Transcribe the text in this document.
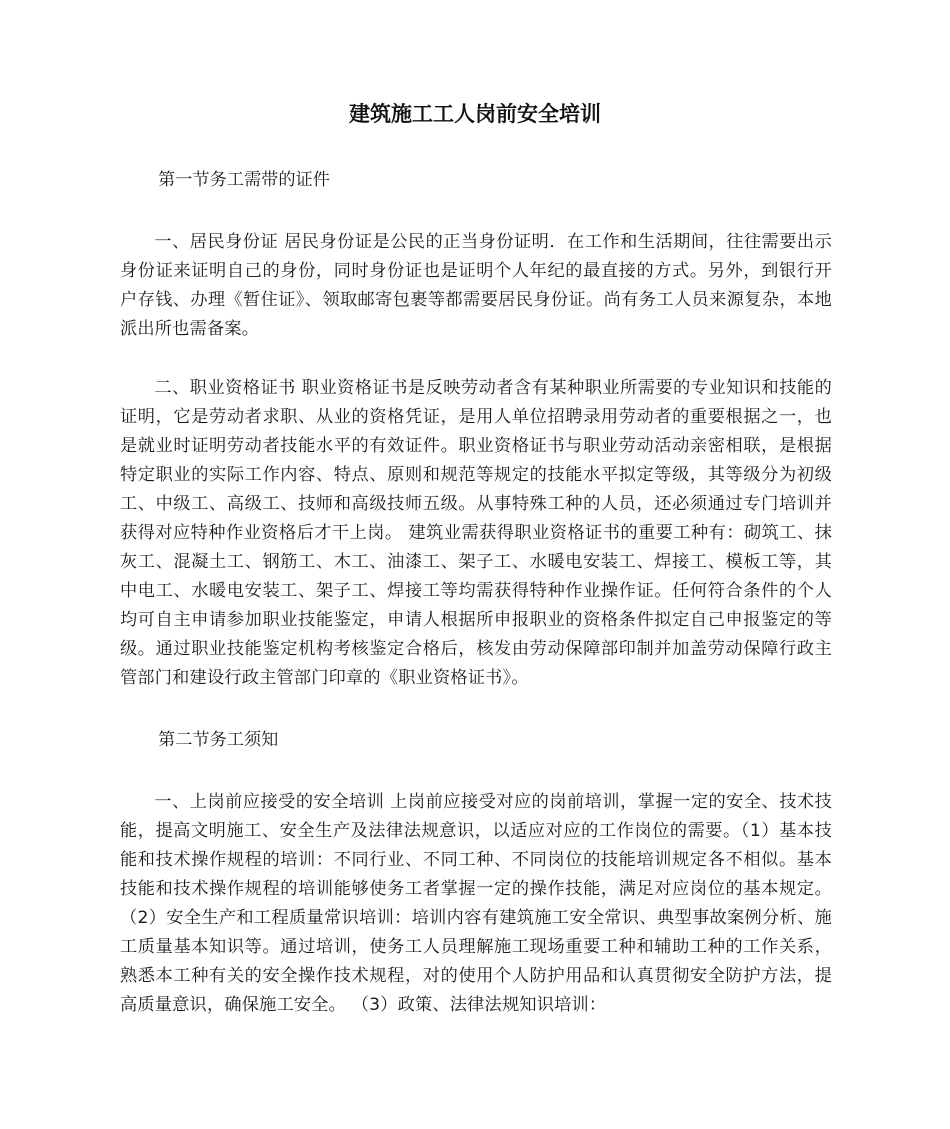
建筑施工工人岗前安全培训
第一节务工需带的证件
一、居民身份证 居民身份证是公民的正当身份证明．在工作和生活期间，往往需要出示身份证来证明自己的身份，同时身份证也是证明个人年纪的最直接的方式。另外，到银行开户存钱、办理《暂住证》、领取邮寄包裹等都需要居民身份证。尚有务工人员来源复杂，本地派出所也需备案。
二、职业资格证书 职业资格证书是反映劳动者含有某种职业所需要的专业知识和技能的证明，它是劳动者求职、从业的资格凭证，是用人单位招聘录用劳动者的重要根据之一，也是就业时证明劳动者技能水平的有效证件。职业资格证书与职业劳动活动亲密相联，是根据特定职业的实际工作内容、特点、原则和规范等规定的技能水平拟定等级，其等级分为初级工、中级工、高级工、技师和高级技师五级。从事特殊工种的人员，还必须通过专门培训并获得对应特种作业资格后才干上岗。 建筑业需获得职业资格证书的重要工种有：砌筑工、抹灰工、混凝土工、钢筋工、木工、油漆工、架子工、水暖电安装工、焊接工、模板工等，其中电工、水暖电安装工、架子工、焊接工等均需获得特种作业操作证。任何符合条件的个人均可自主申请参加职业技能鉴定，申请人根据所申报职业的资格条件拟定自己申报鉴定的等级。通过职业技能鉴定机构考核鉴定合格后，核发由劳动保障部印制并加盖劳动保障行政主管部门和建设行政主管部门印章的《职业资格证书》。
第二节务工须知
一、上岗前应接受的安全培训 上岗前应接受对应的岗前培训，掌握一定的安全、技术技能，提高文明施工、安全生产及法律法规意识，以适应对应的工作岗位的需要。（1）基本技能和技术操作规程的培训：不同行业、不同工种、不同岗位的技能培训规定各不相似。基本技能和技术操作规程的培训能够使务工者掌握一定的操作技能，满足对应岗位的基本规定。 （2）安全生产和工程质量常识培训：培训内容有建筑施工安全常识、典型事故案例分析、施工质量基本知识等。通过培训，使务工人员理解施工现场重要工种和辅助工种的工作关系，熟悉本工种有关的安全操作技术规程，对的使用个人防护用品和认真贯彻安全防护方法，提高质量意识，确保施工安全。 （3）政策、法律法规知识培训：
